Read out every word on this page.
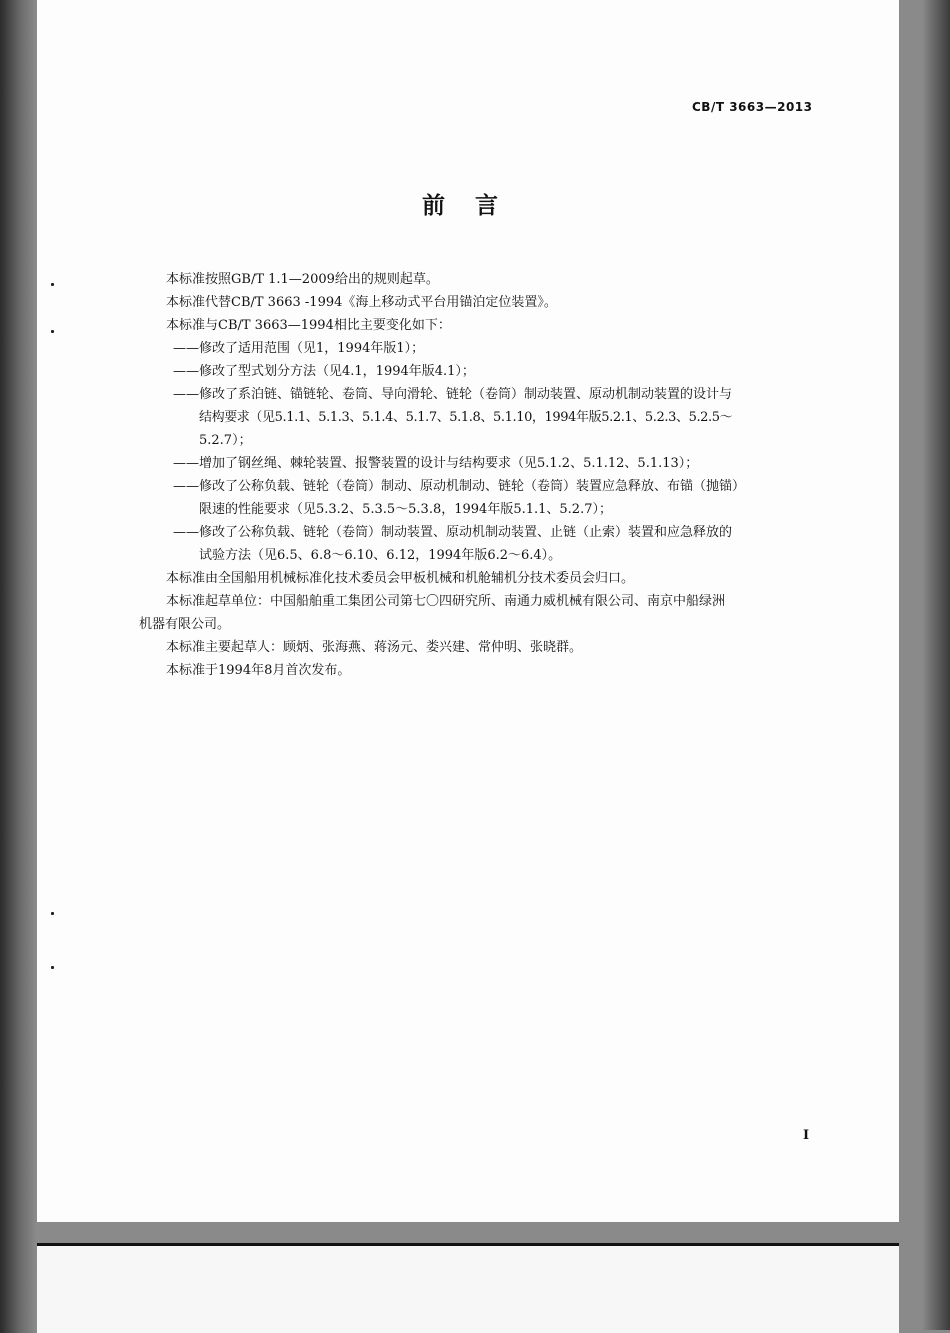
CB/T 3663—2013
前言
本标准按照GB/T 1.1—2009给出的规则起草。
本标准代替CB/T 3663 -1994《海上移动式平台用锚泊定位装置》。
本标准与CB/T 3663—1994相比主要变化如下：
——修改了适用范围（见1，1994年版1）；
——修改了型式划分方法（见4.1，1994年版4.1）；
——修改了系泊链、锚链轮、卷筒、导向滑轮、链轮（卷筒）制动装置、原动机制动装置的设计与
结构要求（见5.1.1、5.1.3、5.1.4、5.1.7、5.1.8、5.1.10，1994年版5.2.1、5.2.3、5.2.5～
5.2.7）；
——增加了钢丝绳、棘轮装置、报警装置的设计与结构要求（见5.1.2、5.1.12、5.1.13）；
——修改了公称负载、链轮（卷筒）制动、原动机制动、链轮（卷筒）装置应急释放、布锚（抛锚）
限速的性能要求（见5.3.2、5.3.5～5.3.8，1994年版5.1.1、5.2.7）；
——修改了公称负载、链轮（卷筒）制动装置、原动机制动装置、止链（止索）装置和应急释放的
试验方法（见6.5、6.8～6.10、6.12，1994年版6.2～6.4）。
本标准由全国船用机械标准化技术委员会甲板机械和机舱辅机分技术委员会归口。
本标准起草单位：中国船舶重工集团公司第七〇四研究所、南通力威机械有限公司、南京中船绿洲
机器有限公司。
本标准主要起草人：顾炳、张海燕、蒋汤元、娄兴建、常仲明、张晓群。
本标准于1994年8月首次发布。
I
